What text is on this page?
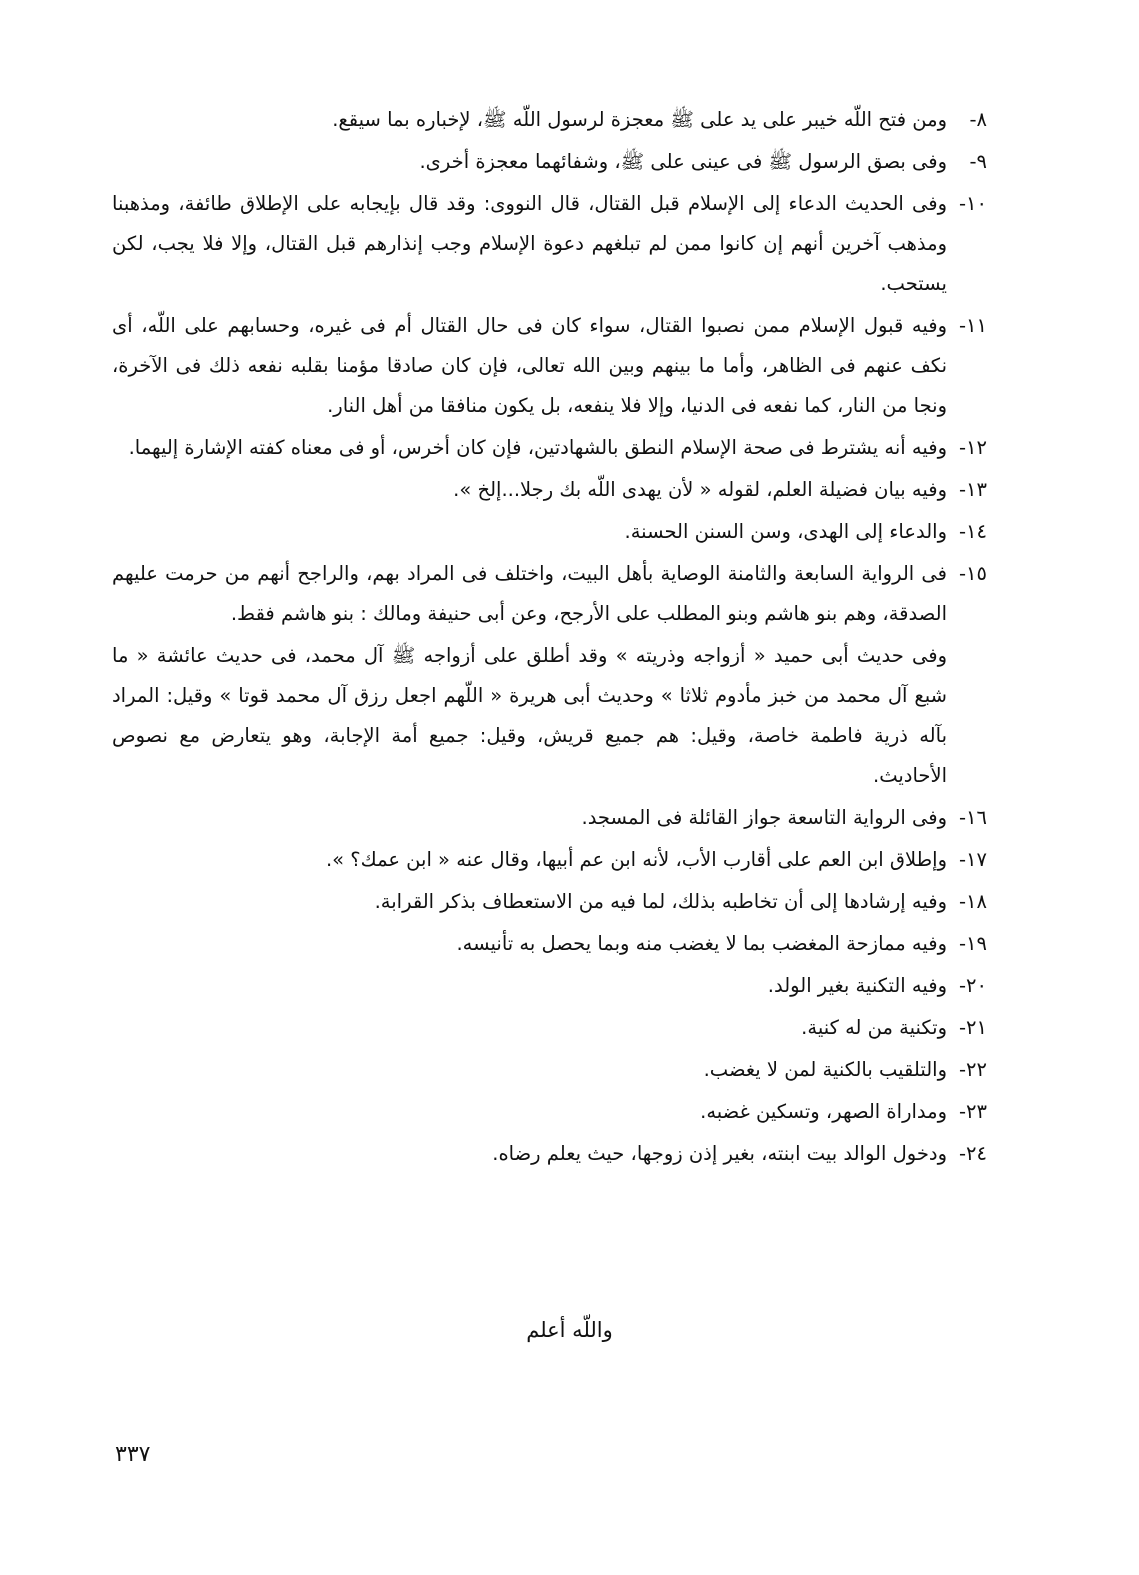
٨ -
ومن فتح اللّه خيبر على يد على ﷺ معجزة لرسول اللّه ﷺ، لإخباره بما سيقع.
٩ -
وفى بصق الرسول ﷺ فى عينى على ﷺ، وشفائهما معجزة أخرى.
١٠ -
وفى الحديث الدعاء إلى الإسلام قبل القتال، قال النووى: وقد قال بإيجابه على الإطلاق طائفة، ومذهبنا ومذهب آخرين أنهم إن كانوا ممن لم تبلغهم دعوة الإسلام وجب إنذارهم قبل القتال، وإلا فلا يجب، لكن يستحب.
١١ -
وفيه قبول الإسلام ممن نصبوا القتال، سواء كان فى حال القتال أم فى غيره، وحسابهم على اللّه، أى نكف عنهم فى الظاهر، وأما ما بينهم وبين الله تعالى، فإن كان صادقا مؤمنا بقلبه نفعه ذلك فى الآخرة، ونجا من النار، كما نفعه فى الدنيا، وإلا فلا ينفعه، بل يكون منافقا من أهل النار.
١٢ -
وفيه أنه يشترط فى صحة الإسلام النطق بالشهادتين، فإن كان أخرس، أو فى معناه كفته الإشارة إليهما.
١٣ -
وفيه بيان فضيلة العلم، لقوله « لأن يهدى اللّه بك رجلا...إلخ ».
١٤ -
والدعاء إلى الهدى، وسن السنن الحسنة.
١٥ -
فى الرواية السابعة والثامنة الوصاية بأهل البيت، واختلف فى المراد بهم، والراجح أنهم من حرمت عليهم الصدقة، وهم بنو هاشم وبنو المطلب على الأرجح، وعن أبى حنيفة ومالك : بنو هاشم فقط.
وفى حديث أبى حميد « أزواجه وذريته » وقد أطلق على أزواجه ﷺ آل محمد، فى حديث عائشة « ما شبع آل محمد من خبز مأدوم ثلاثا » وحديث أبى هريرة « اللّهم اجعل رزق آل محمد قوتا » وقيل: المراد بآله ذرية فاطمة خاصة، وقيل: هم جميع قريش، وقيل: جميع أمة الإجابة، وهو يتعارض مع نصوص الأحاديث.
١٦ -
وفى الرواية التاسعة جواز القائلة فى المسجد.
١٧ -
وإطلاق ابن العم على أقارب الأب، لأنه ابن عم أبيها، وقال عنه « ابن عمك؟ ».
١٨ -
وفيه إرشادها إلى أن تخاطبه بذلك، لما فيه من الاستعطاف بذكر القرابة.
١٩ -
وفيه ممازحة المغضب بما لا يغضب منه وبما يحصل به تأنيسه.
٢٠ -
وفيه التكنية بغير الولد.
٢١ -
وتكنية من له كنية.
٢٢ -
والتلقيب بالكنية لمن لا يغضب.
٢٣ -
ومداراة الصهر، وتسكين غضبه.
٢٤ -
ودخول الوالد بيت ابنته، بغير إذن زوجها، حيث يعلم رضاه.
واللّه أعلم
٣٣٧
